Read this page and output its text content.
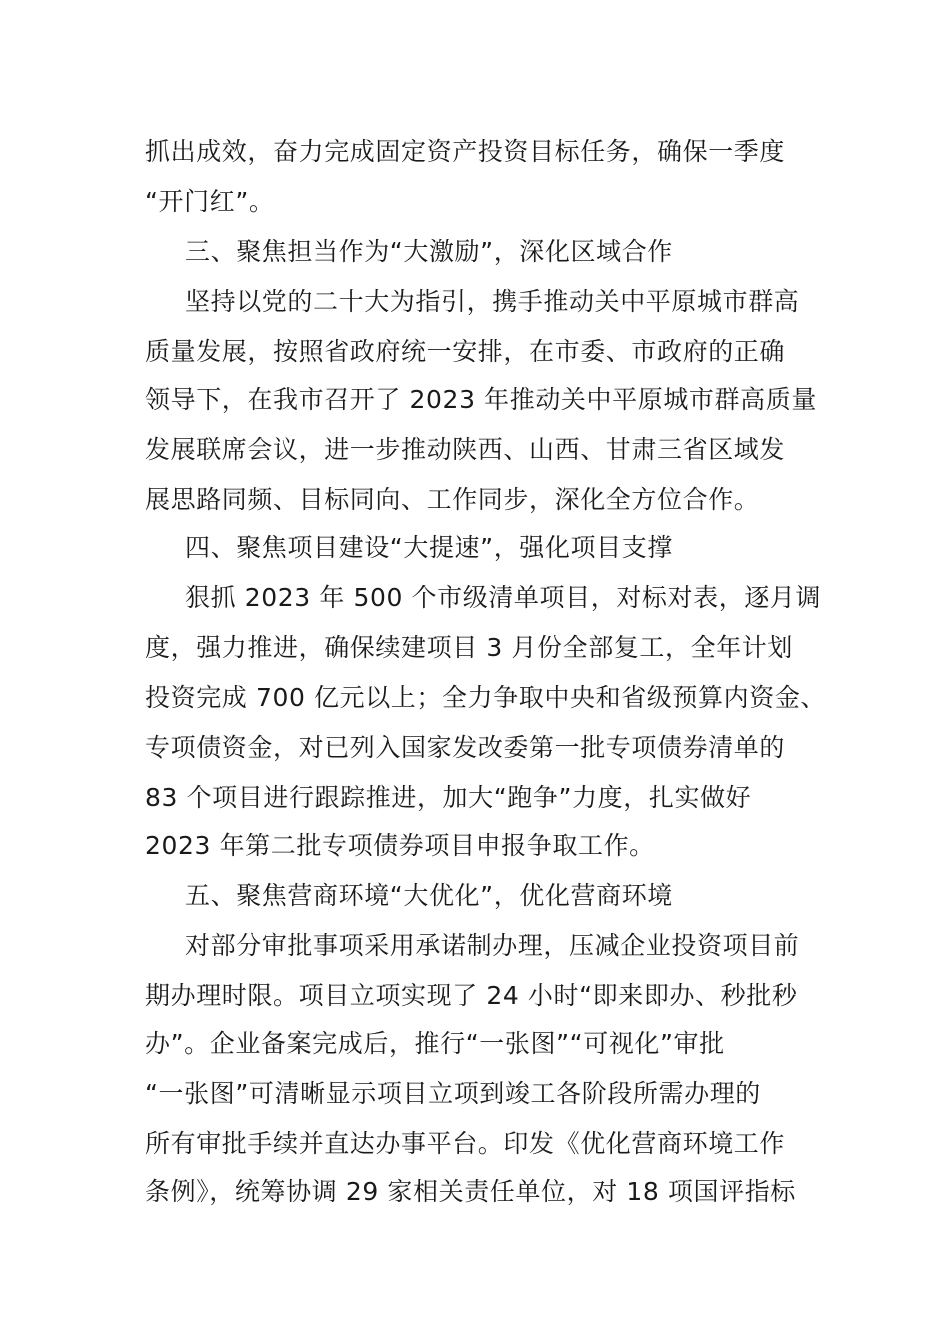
抓出成效，奋力完成固定资产投资目标任务，确保一季度
“开门红”。
三、聚焦担当作为“大激励”，深化区域合作
坚持以党的二十大为指引，携手推动关中平原城市群高
质量发展，按照省政府统一安排，在市委、市政府的正确
领导下，在我市召开了 2023 年推动关中平原城市群高质量
发展联席会议，进一步推动陕西、山西、甘肃三省区域发
展思路同频、目标同向、工作同步，深化全方位合作。
四、聚焦项目建设“大提速”，强化项目支撑
狠抓 2023 年 500 个市级清单项目，对标对表，逐月调
度，强力推进，确保续建项目 3 月份全部复工，全年计划
投资完成 700 亿元以上；全力争取中央和省级预算内资金、
专项债资金，对已列入国家发改委第一批专项债券清单的
83 个项目进行跟踪推进，加大“跑争”力度，扎实做好
2023 年第二批专项债券项目申报争取工作。
五、聚焦营商环境“大优化”，优化营商环境
对部分审批事项采用承诺制办理，压减企业投资项目前
期办理时限。项目立项实现了 24 小时“即来即办、秒批秒
办”。企业备案完成后，推行“一张图”“可视化”审批
“一张图”可清晰显示项目立项到竣工各阶段所需办理的
所有审批手续并直达办事平台。印发《优化营商环境工作
条例》，统筹协调 29 家相关责任单位，对 18 项国评指标
